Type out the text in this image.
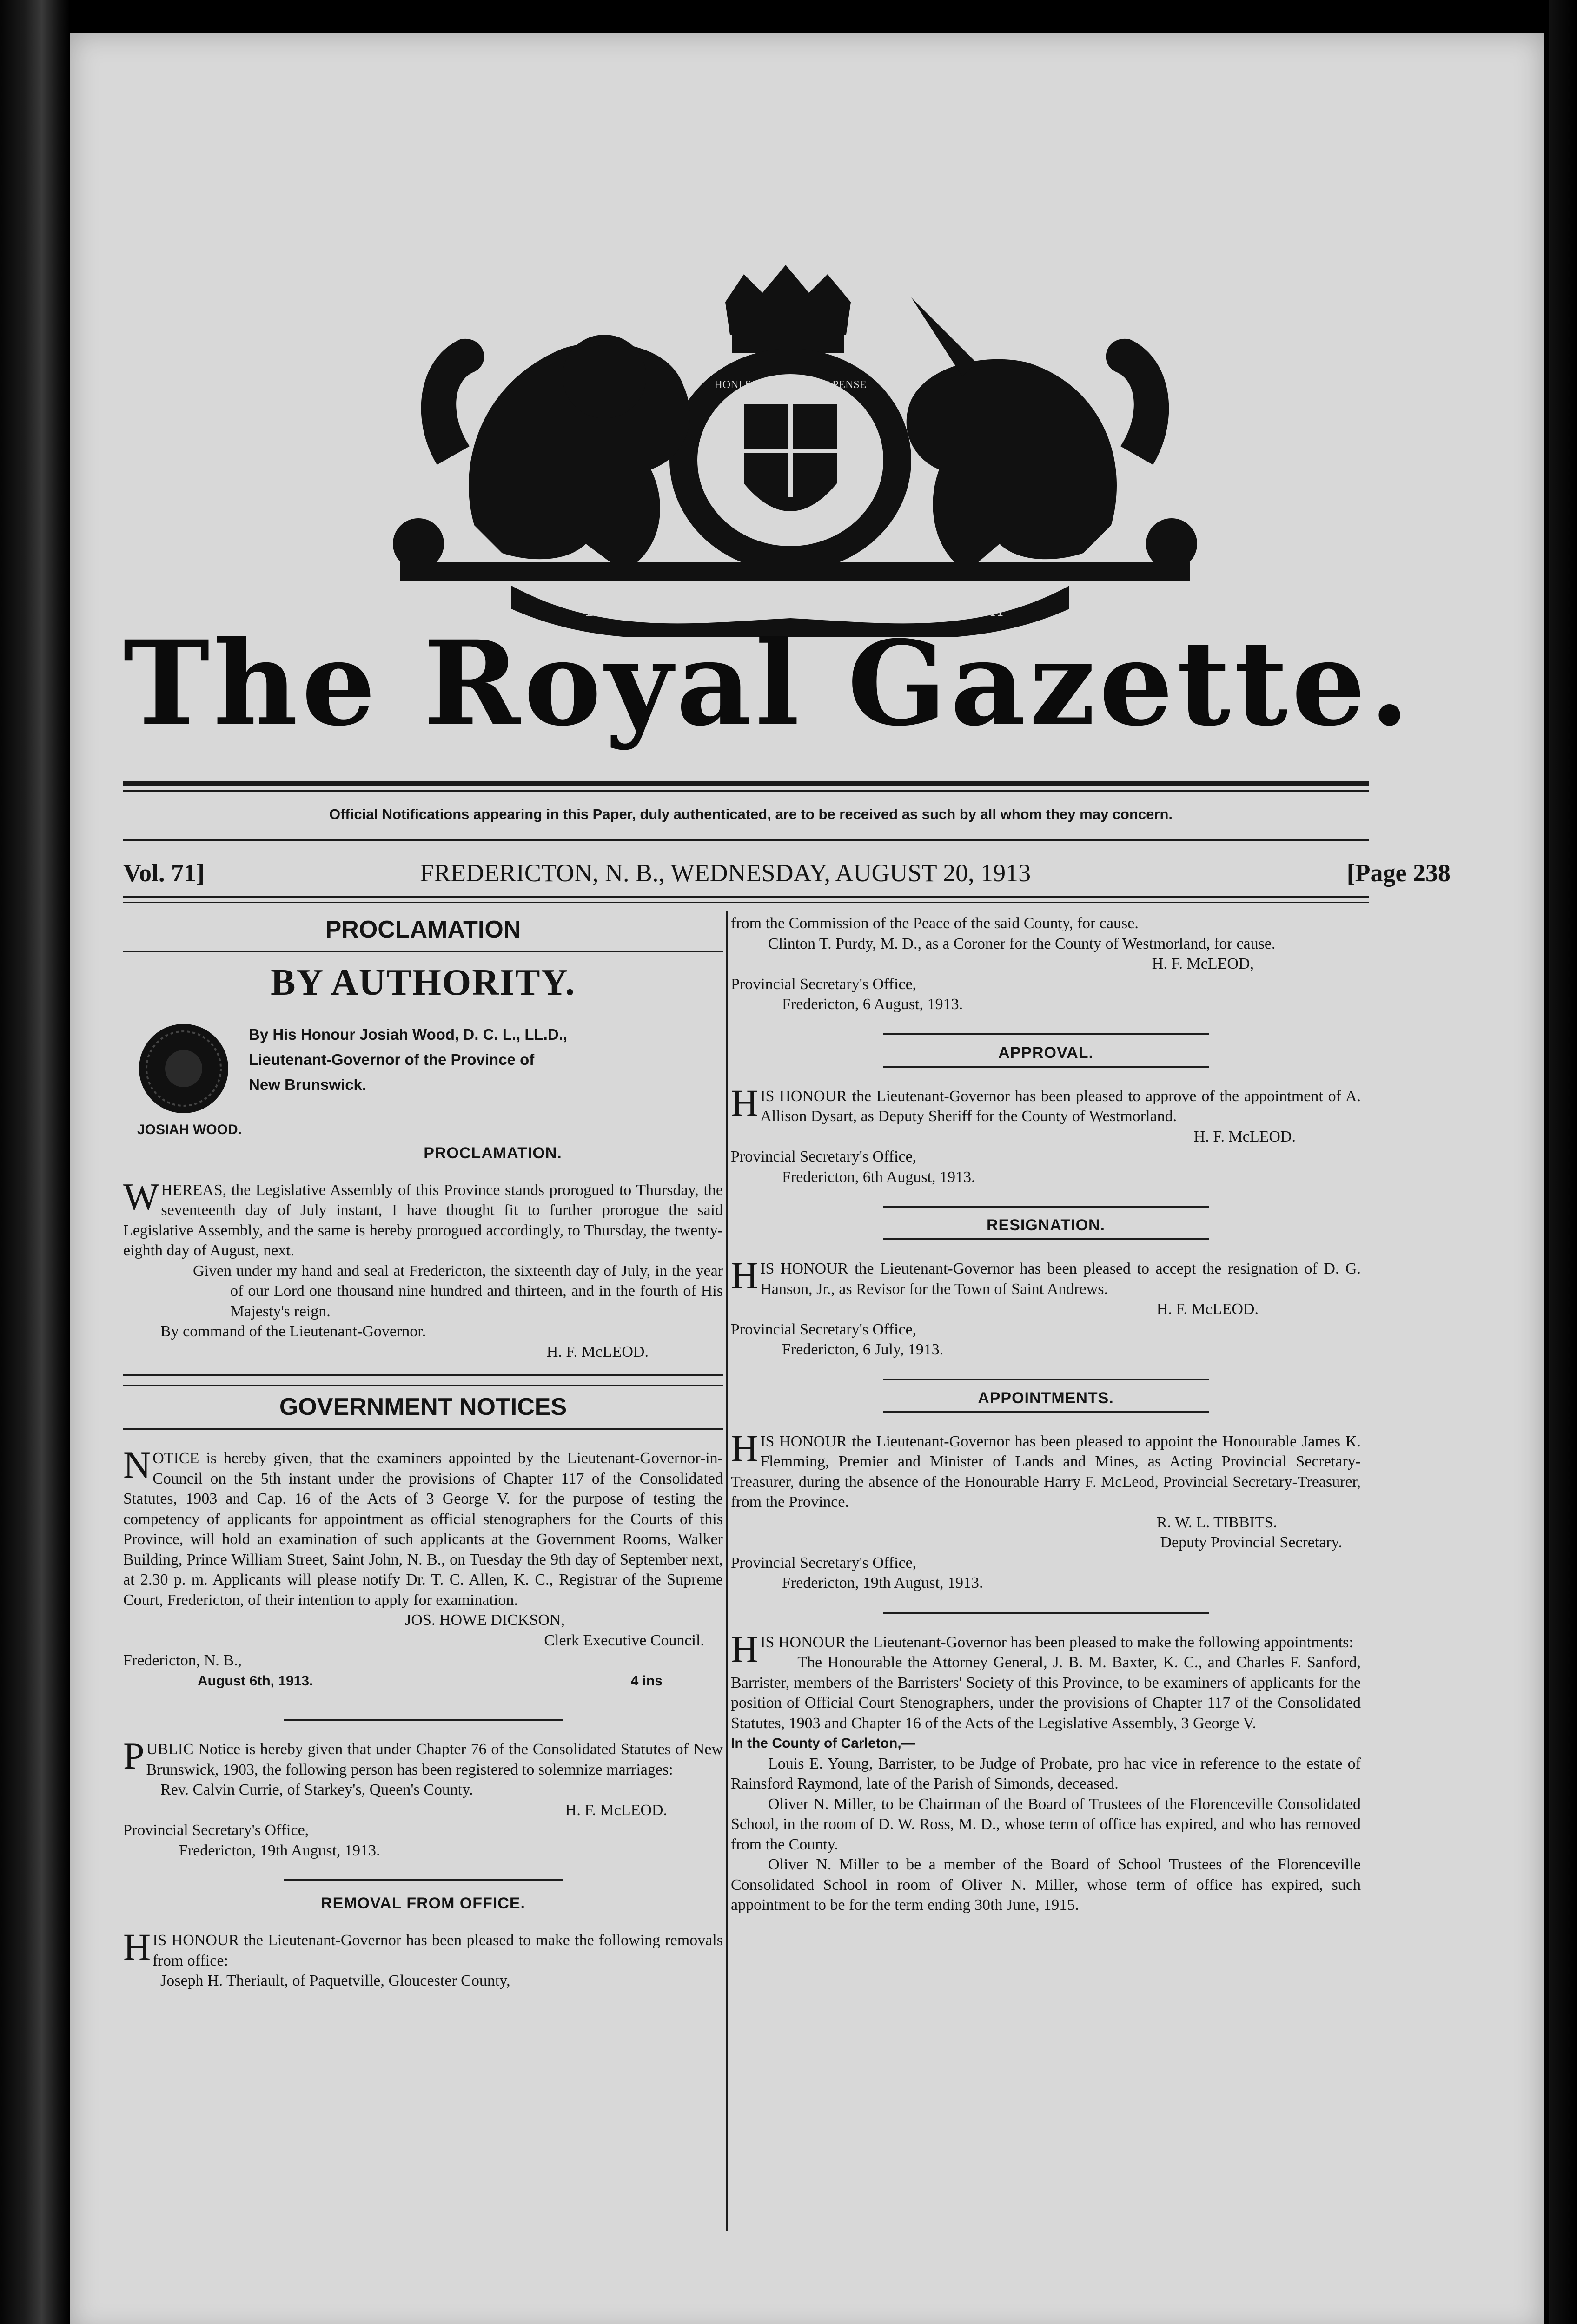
DIEU ET MON	MON DROIT
HONI SOIT QUI MAL Y PENSE
The Royal Gazette.
Official Notifications appearing in this Paper, duly authenticated, are to be received as such by all whom they may concern.
Vol. 71]	FREDERICTON, N. B., WEDNESDAY, AUGUST 20, 1913	[Page 238
PROCLAMATION
BY AUTHORITY.

By His Honour Josiah Wood, D. C. L., LL.D.,

Lieutenant-Governor of the Province of

New Brunswick.

JOSIAH WOOD.

PROCLAMATION.

WHEREAS, the Legislative Assembly of this Province stands prorogued to Thursday, the seventeenth day of July instant, I have thought fit to further prorogue the said Legislative Assembly, and the same is hereby prorogued accordingly, to Thursday, the twenty-eighth day of August, next.

Given under my hand and seal at Fredericton, the sixteenth day of July, in the year of our Lord one thousand nine hundred and thirteen, and in the fourth of His Majesty's reign.

By command of the Lieutenant-Governor.

H. F. McLEOD.

GOVERNMENT NOTICES

NOTICE is hereby given, that the examiners appointed by the Lieutenant-Governor-in-Council on the 5th instant under the provisions of Chapter 117 of the Consolidated Statutes, 1903 and Cap. 16 of the Acts of 3 George V. for the purpose of testing the competency of applicants for appointment as official stenographers for the Courts of this Province, will hold an examination of such applicants at the Government Rooms, Walker Building, Prince William Street, Saint John, N. B., on Tuesday the 9th day of September next, at 2.30 p. m. Applicants will please notify Dr. T. C. Allen, K. C., Registrar of the Supreme Court, Fredericton, of their intention to apply for examination.

JOS. HOWE DICKSON,

Clerk Executive Council.

Fredericton, N. B.,

August 6th, 1913.	4 ins

PUBLIC Notice is hereby given that under Chapter 76 of the Consolidated Statutes of New Brunswick, 1903, the following person has been registered to solemnize marriages:

Rev. Calvin Currie, of Starkey's, Queen's County.

H. F. McLEOD.

Provincial Secretary's Office,

Fredericton, 19th August, 1913.

REMOVAL FROM OFFICE.

HIS HONOUR the Lieutenant-Governor has been pleased to make the following removals from office:

Joseph H. Theriault, of Paquetville, Gloucester County,

from the Commission of the Peace of the said County, for cause.

Clinton T. Purdy, M. D., as a Coroner for the County of Westmorland, for cause.

H. F. McLEOD,

Provincial Secretary's Office,

Fredericton, 6 August, 1913.

APPROVAL.

HIS HONOUR the Lieutenant-Governor has been pleased to approve of the appointment of A. Allison Dysart, as Deputy Sheriff for the County of Westmorland.

H. F. McLEOD.

Provincial Secretary's Office,

Fredericton, 6th August, 1913.

RESIGNATION.

HIS HONOUR the Lieutenant-Governor has been pleased to accept the resignation of D. G. Hanson, Jr., as Revisor for the Town of Saint Andrews.

H. F. McLEOD.

Provincial Secretary's Office,

Fredericton, 6 July, 1913.

APPOINTMENTS.

HIS HONOUR the Lieutenant-Governor has been pleased to appoint the Honourable James K. Flemming, Premier and Minister of Lands and Mines, as Acting Provincial Secretary-Treasurer, during the absence of the Honourable Harry F. McLeod, Provincial Secretary-Treasurer, from the Province.

R. W. L. TIBBITS.

Deputy Provincial Secretary.

Provincial Secretary's Office,

Fredericton, 19th August, 1913.

HIS HONOUR the Lieutenant-Governor has been pleased to make the following appointments:

The Honourable the Attorney General, J. B. M. Baxter, K. C., and Charles F. Sanford, Barrister, members of the Barristers' Society of this Province, to be examiners of applicants for the position of Official Court Stenographers, under the provisions of Chapter 117 of the Consolidated Statutes, 1903 and Chapter 16 of the Acts of the Legislative Assembly, 3 George V.

In the County of Carleton,—

Louis E. Young, Barrister, to be Judge of Probate, pro hac vice in reference to the estate of Rainsford Raymond, late of the Parish of Simonds, deceased.

Oliver N. Miller, to be Chairman of the Board of Trustees of the Florenceville Consolidated School, in the room of D. W. Ross, M. D., whose term of office has expired, and who has removed from the County.

Oliver N. Miller to be a member of the Board of School Trustees of the Florenceville Consolidated School in room of Oliver N. Miller, whose term of office has expired, such appointment to be for the term ending 30th June, 1915.
